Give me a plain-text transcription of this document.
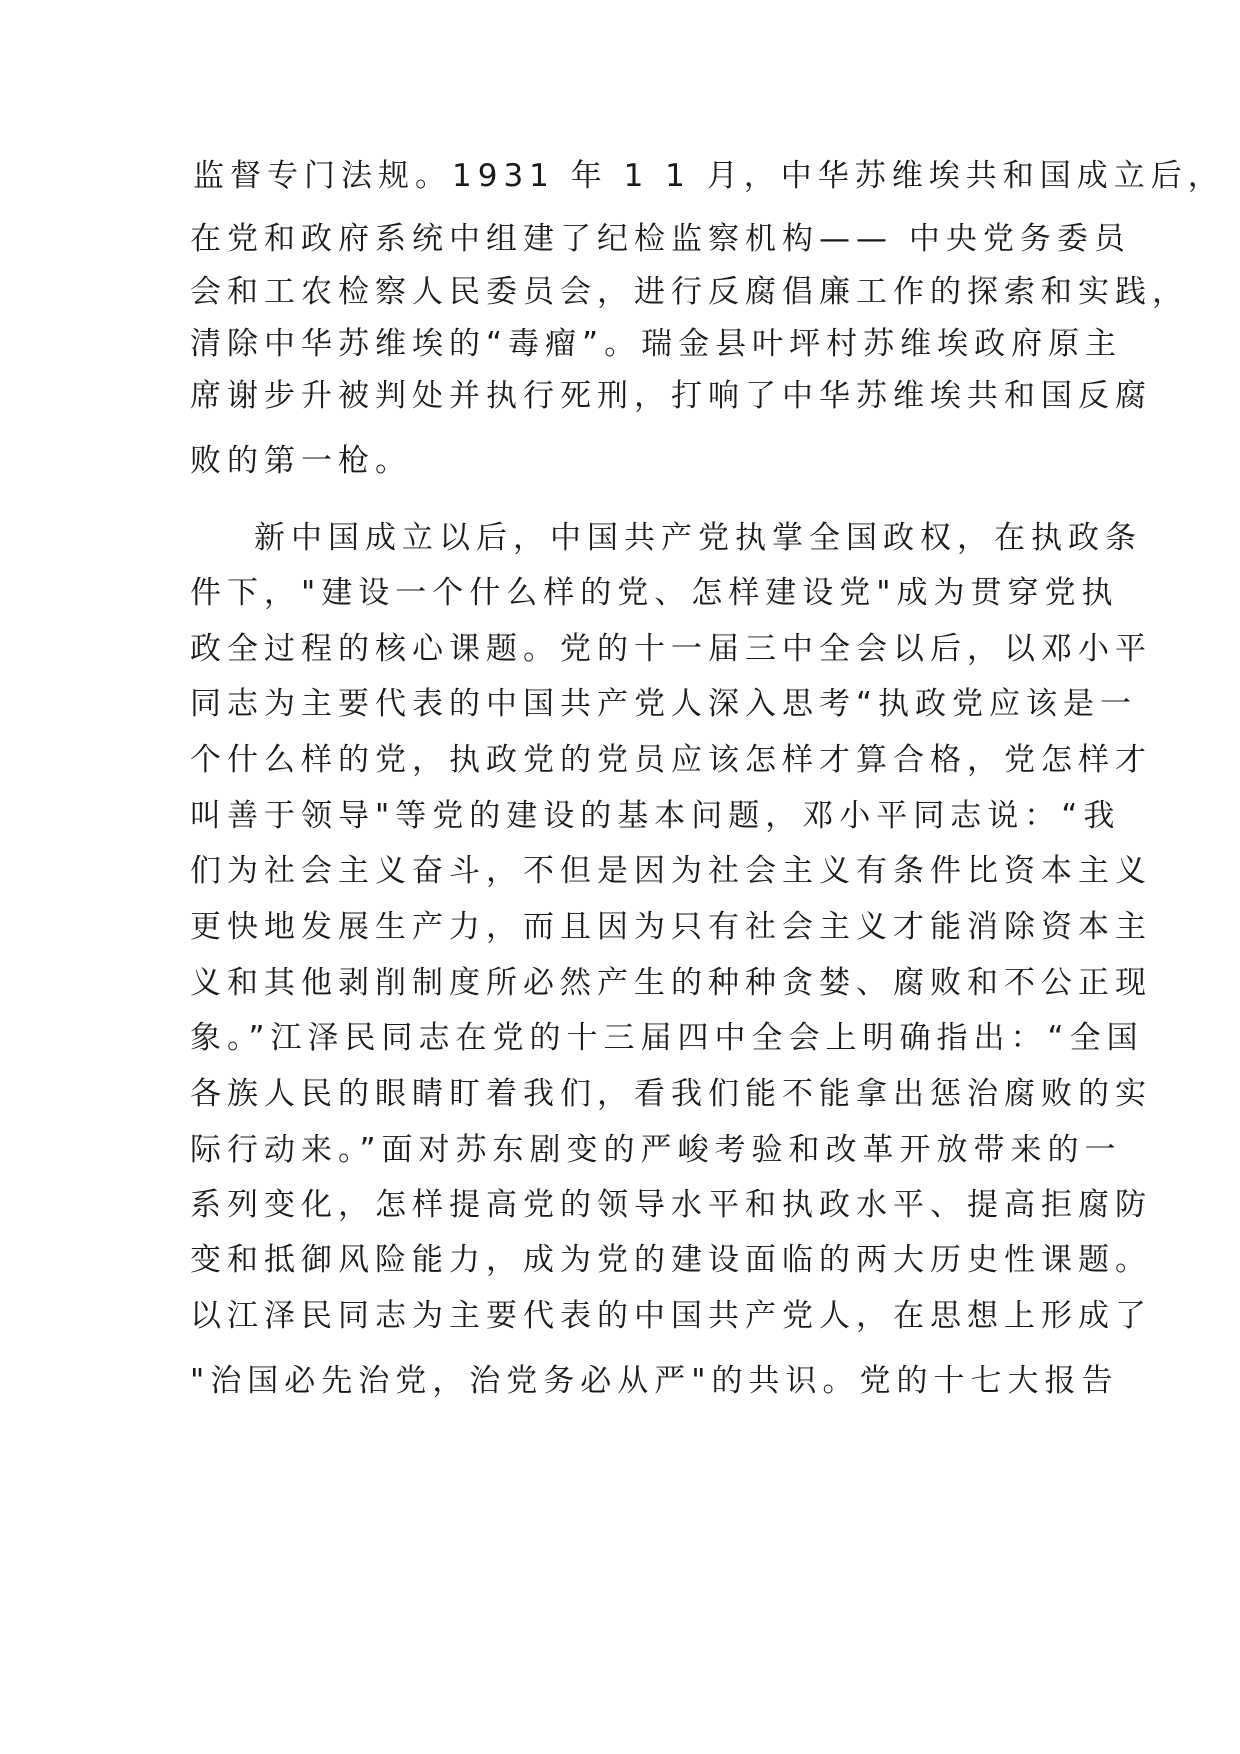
监督专门法规。1931 年 1 1 月，中华苏维埃共和国成立后，
在党和政府系统中组建了纪检监察机构—— 中央党务委员
会和工农检察人民委员会，进行反腐倡廉工作的探索和实践，
清除中华苏维埃的“毒瘤”。瑞金县叶坪村苏维埃政府原主
席谢步升被判处并执行死刑，打响了中华苏维埃共和国反腐
败的第一枪。
新中国成立以后，中国共产党执掌全国政权，在执政条
件下，"建设一个什么样的党、怎样建设党"成为贯穿党执
政全过程的核心课题。党的十一届三中全会以后，以邓小平
同志为主要代表的中国共产党人深入思考“执政党应该是一
个什么样的党，执政党的党员应该怎样才算合格，党怎样才
叫善于领导"等党的建设的基本问题，邓小平同志说：“我
们为社会主义奋斗，不但是因为社会主义有条件比资本主义
更快地发展生产力，而且因为只有社会主义才能消除资本主
义和其他剥削制度所必然产生的种种贪婪、腐败和不公正现
象。”江泽民同志在党的十三届四中全会上明确指出：“全国
各族人民的眼睛盯着我们，看我们能不能拿出惩治腐败的实
际行动来。”面对苏东剧变的严峻考验和改革开放带来的一
系列变化，怎样提高党的领导水平和执政水平、提高拒腐防
变和抵御风险能力，成为党的建设面临的两大历史性课题。
以江泽民同志为主要代表的中国共产党人，在思想上形成了
"治国必先治党，治党务必从严"的共识。党的十七大报告
